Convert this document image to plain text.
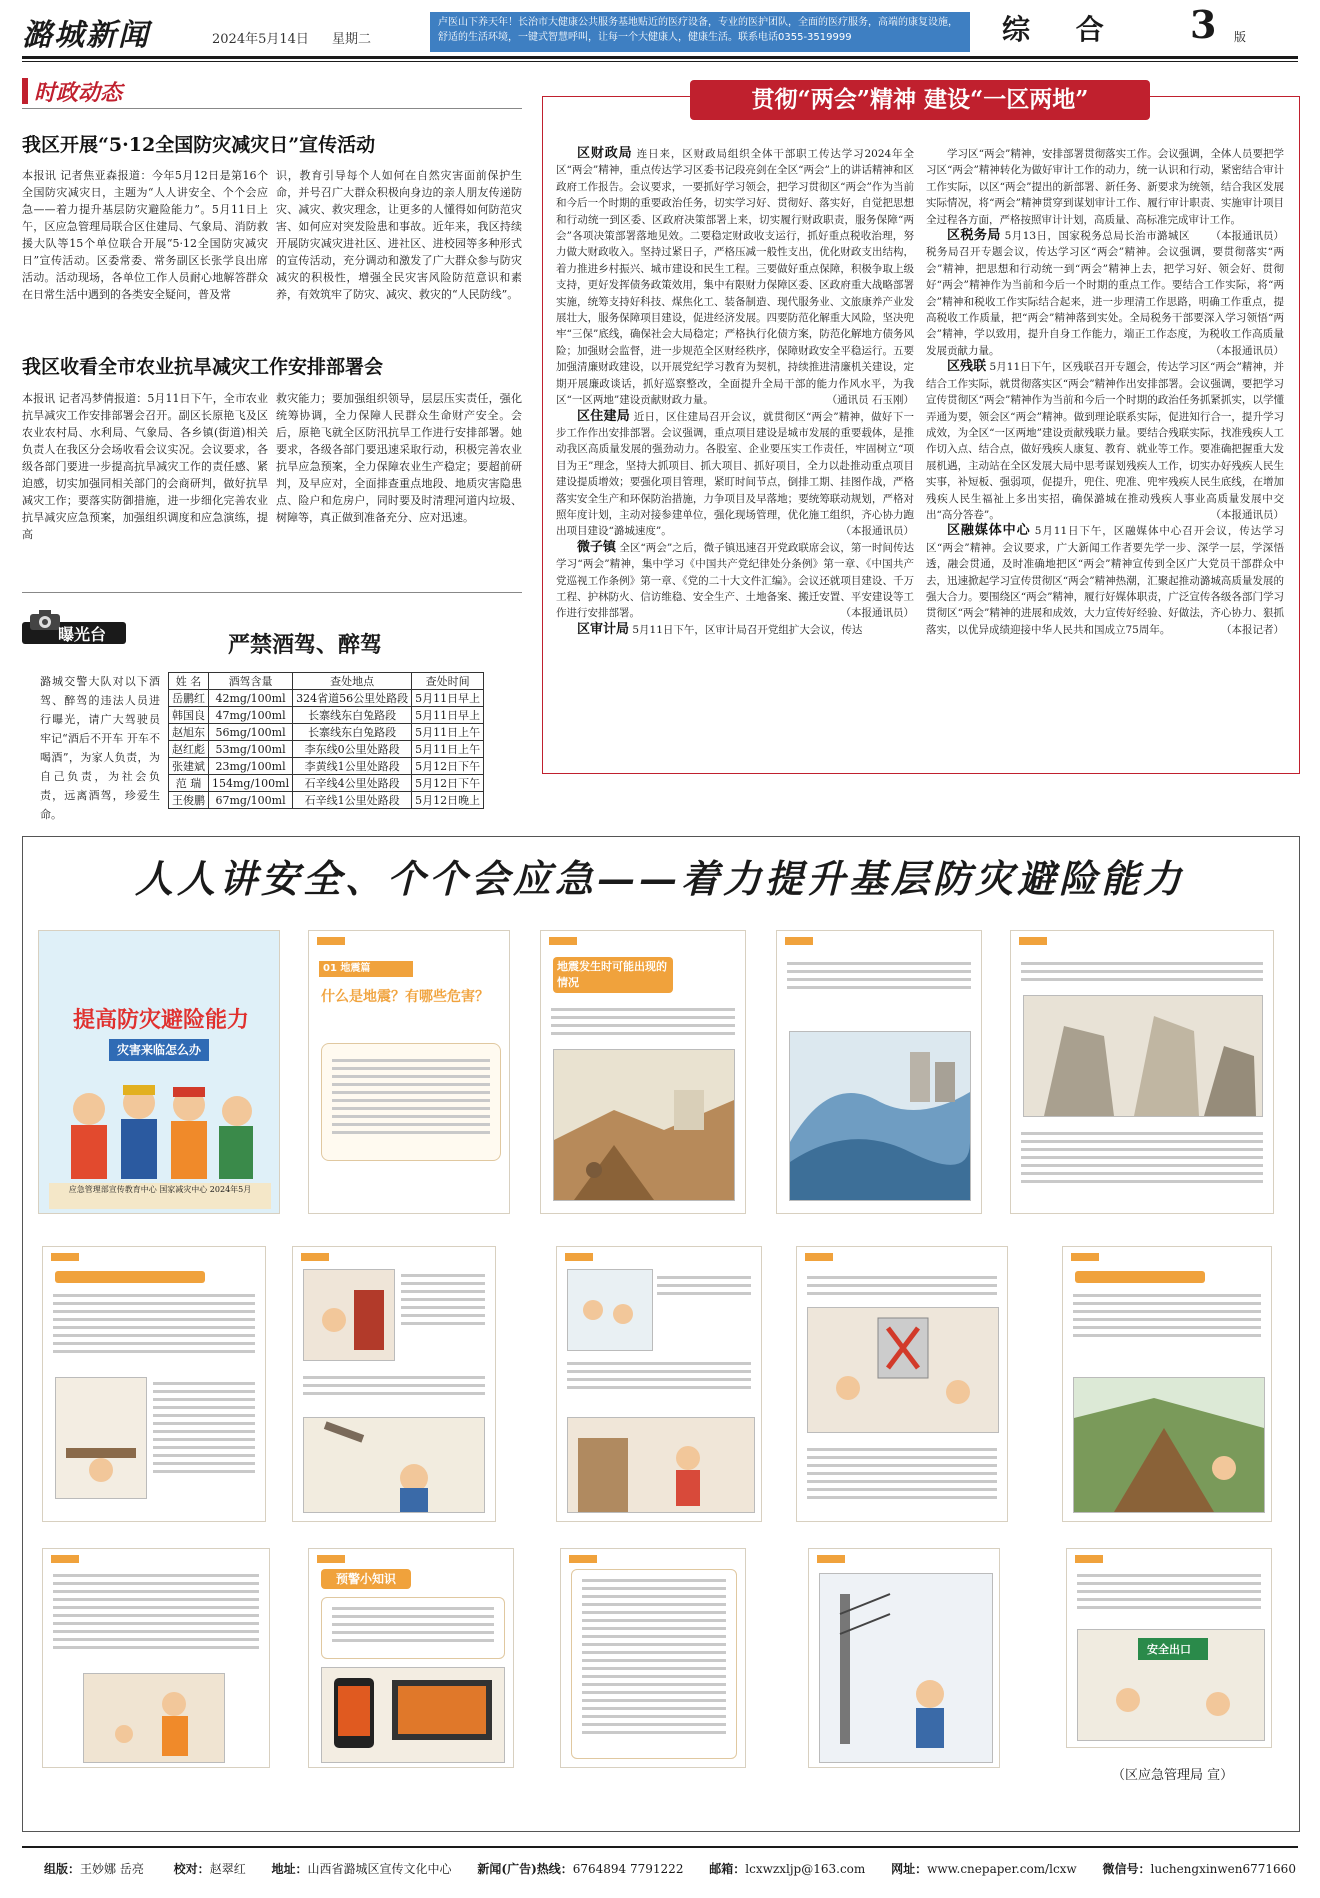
潞城新闻	2024年5月14日 星期二
卢医山下养天年！长治市大健康公共服务基地贴近的医疗设备，专业的医护团队，全面的医疗服务，高端的康复设施，舒适的生活环境，一键式智慧呼叫，让每一个大健康人，健康生活。联系电话0355-3519999	综 合 3 版
时政动态
我区开展“5·12全国防灾减灾日”宣传活动
本报讯 记者焦亚森报道：今年5月12日是第16个全国防灾减灾日，主题为“人人讲安全、个个会应急——着力提升基层防灾避险能力”。5月11日上午，区应急管理局联合区住建局、气象局、消防救援大队等15个单位联合开展“5·12全国防灾减灾日”宣传活动。区委常委、常务副区长张学良出席活动。活动现场，各单位工作人员耐心地解答群众在日常生活中遇到的各类安全疑问，普及常
识，教育引导每个人如何在自然灾害面前保护生命，并号召广大群众积极向身边的亲人朋友传递防灾、减灾、救灾理念，让更多的人懂得如何防范灾害、如何应对突发险患和事故。近年来，我区持续开展防灾减灾进社区、进社区、进校园等多种形式的宣传活动，充分调动和激发了广大群众参与防灾减灾的积极性，增强全民灾害风险防范意识和素养，有效筑牢了防灾、减灾、救灾的“人民防线”。
我区收看全市农业抗旱减灾工作安排部署会
本报讯 记者冯梦倩报道：5月11日下午，全市农业抗旱减灾工作安排部署会召开。副区长原艳飞及区农业农村局、水利局、气象局、各乡镇(街道)相关负责人在我区分会场收看会议实况。会议要求，各级各部门要进一步提高抗旱减灾工作的责任感、紧迫感，切实加强同相关部门的会商研判，做好抗旱减灾工作；要落实防御措施，进一步细化完善农业抗旱减灾应急预案，加强组织调度和应急演练，提高
救灾能力；要加强组织领导，层层压实责任，强化统筹协调，全力保障人民群众生命财产安全。会后，原艳飞就全区防汛抗旱工作进行安排部署。她要求，各级各部门要迅速采取行动，积极完善农业抗旱应急预案，全力保障农业生产稳定；要超前研判，及早应对，全面排查重点地段、地质灾害隐患点、险户和危房户，同时要及时清理河道内垃圾、树障等，真正做到准备充分、应对迅速。
曝光台	严禁酒驾、醉驾
潞城交警大队对以下酒驾、醉驾的违法人员进行曝光，请广大驾驶员牢记“酒后不开车 开车不喝酒”，为家人负责，为自己负责，为社会负责，远离酒驾，珍爱生命。
姓 名	酒驾含量	查处地点	查处时间
岳鹏红	42mg/100ml	324省道56公里处路段	5月11日早上
韩国良	47mg/100ml	长寨线东白兔路段	5月11日早上
赵旭东	56mg/100ml	长寨线东白兔路段	5月11日上午
赵红彪	53mg/100ml	李东线0公里处路段	5月11日上午
张建斌	23mg/100ml	李黄线1公里处路段	5月12日下午
范 瑞	154mg/100ml	石辛线4公里处路段	5月12日下午
王俊鹏	67mg/100ml	石辛线1公里处路段	5月12日晚上
贯彻“两会”精神 建设“一区两地”

区财政局 连日来，区财政局组织全体干部职工传达学习2024年全区“两会”精神，重点传达学习区委书记段亮剑在全区“两会”上的讲话精神和区政府工作报告。会议要求，一要抓好学习领会，把学习贯彻区“两会”作为当前和今后一个时期的重要政治任务，切实学习好、贯彻好、落实好，自觉把思想和行动统一到区委、区政府决策部署上来，切实履行财政职责，服务保障“两会”各项决策部署落地见效。二要稳定财政收支运行，抓好重点税收治理，努力做大财政收入。坚持过紧日子，严格压减一般性支出，优化财政支出结构，着力推进乡村振兴、城市建设和民生工程。三要做好重点保障，积极争取上级支持，更好发挥债务政策效用，集中有限财力保障区委、区政府重大战略部署实施，统筹支持好科技、煤焦化工、装备制造、现代服务业、文旅康养产业发展壮大，服务保障项目建设，促进经济发展。四要防范化解重大风险，坚决兜牢“三保”底线，确保社会大局稳定；严格执行化债方案，防范化解地方债务风险；加强财会监督，进一步规范全区财经秩序，保障财政安全平稳运行。五要加强清廉财政建设，以开展党纪学习教育为契机，持续推进清廉机关建设，定期开展廉政谈话，抓好巡察整改，全面提升全局干部的能力作风水平，为我区“一区两地”建设贡献财政力量。	（通讯员 石玉刚）

区住建局 近日，区住建局召开会议，就贯彻区“两会”精神，做好下一步工作作出安排部署。会议强调，重点项目建设是城市发展的重要载体，是推动我区高质量发展的强劲动力。各股室、企业要压实工作责任，牢固树立“项目为王”理念，坚持大抓项目、抓大项目、抓好项目，全力以赴推动重点项目建设提质增效；要强化项目管理，紧盯时间节点，倒排工期、挂图作战，严格落实安全生产和环保防治措施，力争项目及早落地；要统筹联动规划，严格对照年度计划，主动对接参建单位，强化现场管理，优化施工组织，齐心协力跑出项目建设“潞城速度”。	（本报通讯员）

微子镇 全区“两会”之后，微子镇迅速召开党政联席会议，第一时间传达学习“两会”精神，集中学习《中国共产党纪律处分条例》第一章、《中国共产党巡视工作条例》第一章、《党的二十大文件汇编》。会议还就项目建设、千万工程、护林防火、信访维稳、安全生产、土地备案、搬迁安置、平安建设等工作进行安排部署。	（本报通讯员）

区审计局 5月11日下午，区审计局召开党组扩大会议，传达

学习区“两会”精神，安排部署贯彻落实工作。会议强调，全体人员要把学习区“两会”精神转化为做好审计工作的动力，统一认识和行动，紧密结合审计工作实际，以区“两会”提出的新部署、新任务、新要求为统领，结合我区发展实际情况，将“两会”精神贯穿到谋划审计工作、履行审计职责、实施审计项目全过程各方面，严格按照审计计划，高质量、高标准完成审计工作。
（本报通讯员）

区税务局 5月13日，国家税务总局长治市潞城区税务局召开专题会议，传达学习区“两会”精神。会议强调，要贯彻落实“两会”精神，把思想和行动统一到“两会”精神上去，把学习好、领会好、贯彻好“两会”精神作为当前和今后一个时期的重点工作。要结合工作实际，将“两会”精神和税收工作实际结合起来，进一步理清工作思路，明确工作重点，提高税收工作质量，把“两会”精神落到实处。全局税务干部要深入学习领悟“两会”精神，学以致用，提升自身工作能力，端正工作态度，为税收工作高质量发展贡献力量。	（本报通讯员）

区残联 5月11日下午，区残联召开专题会，传达学习区“两会”精神，并结合工作实际，就贯彻落实区“两会”精神作出安排部署。会议强调，要把学习宣传贯彻区“两会”精神作为当前和今后一个时期的政治任务抓紧抓实，以学懂弄通为要，领会区“两会”精神。做到理论联系实际，促进知行合一，提升学习成效，为全区“一区两地”建设贡献残联力量。要结合残联实际，找准残疾人工作切入点、结合点，做好残疾人康复、教育、就业等工作。要准确把握重大发展机遇，主动站在全区发展大局中思考谋划残疾人工作，切实办好残疾人民生实事，补短板、强弱项，促提升，兜住、兜准、兜牢残疾人民生底线，在增加残疾人民生福祉上多出实招，确保潞城在推动残疾人事业高质量发展中交出“高分答卷”。	（本报通讯员）

区融媒体中心 5月11日下午，区融媒体中心召开会议，传达学习区“两会”精神。会议要求，广大新闻工作者要先学一步、深学一层，学深悟透，融会贯通，及时准确地把区“两会”精神宣传到全区广大党员干部群众中去，迅速掀起学习宣传贯彻区“两会”精神热潮，汇聚起推动潞城高质量发展的强大合力。要围绕区“两会”精神，履行好媒体职责，广泛宣传各级各部门学习贯彻区“两会”精神的进展和成效，大力宣传好经验、好做法，齐心协力、狠抓落实，以优异成绩迎接中华人民共和国成立75周年。	（本报记者）

人人讲安全、个个会应急——着力提升基层防灾避险能力
提高防灾避险能力
灾害来临怎么办
应急管理部宣传教育中心 国家减灾中心 2024年5月
01 地震篇
什么是地震？有哪些危害？
地震发生时可能出现的情况
预警小知识
安全出口
（区应急管理局 宣）
组版：王妙娜 岳亮 校对：赵翠红 地址：山西省潞城区宣传文化中心 新闻(广告)热线：6764894 7791222 邮箱：lcxwzxljp@163.com 网址：www.cnepaper.com/lcxw 微信号：luchengxinwen6771660
